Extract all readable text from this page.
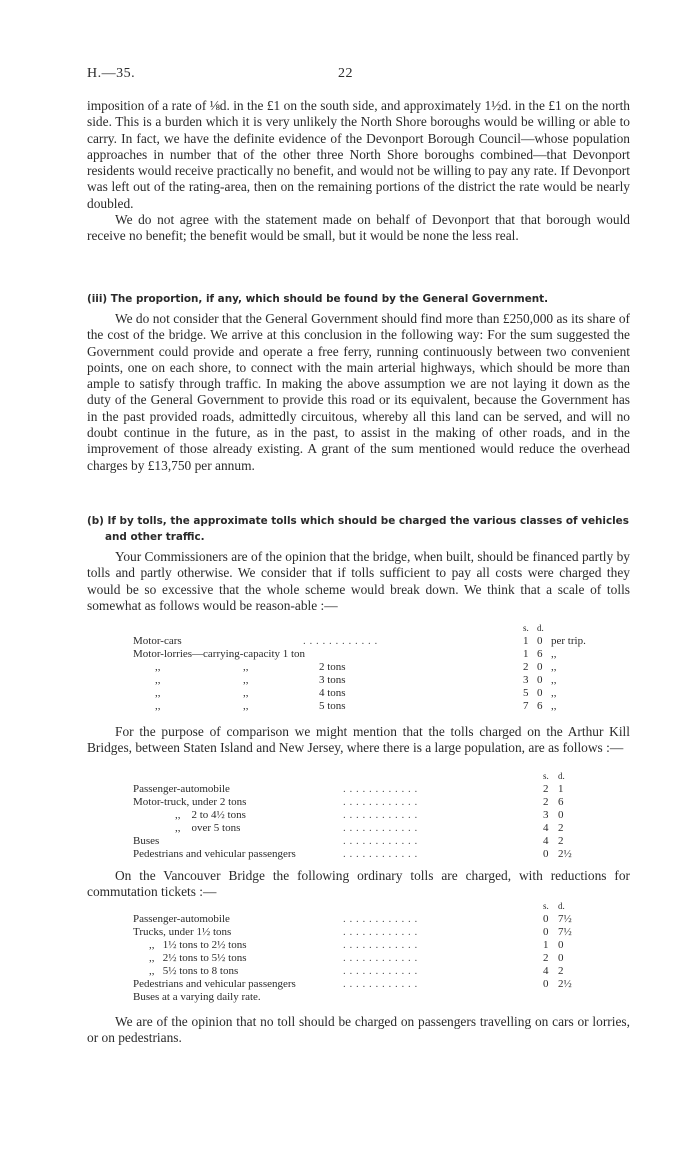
H.—35.	22

imposition of a rate of ⅛d. in the £1 on the south side, and approximately 1½d. in the £1 on the north side. This is a burden which it is very unlikely the North Shore boroughs would be willing or able to carry. In fact, we have the definite evidence of the Devonport Borough Council—whose population approaches in number that of the other three North Shore boroughs combined—that Devonport residents would receive practically no benefit, and would not be willing to pay any rate. If Devonport was left out of the rating-area, then on the remaining portions of the district the rate would be nearly doubled.

We do not agree with the statement made on behalf of Devonport that that borough would receive no benefit; the benefit would be small, but it would be none the less real.

(iii) The proportion, if any, which should be found by the General Government.

We do not consider that the General Government should find more than £250,000 as its share of the cost of the bridge. We arrive at this conclusion in the following way: For the sum suggested the Government could provide and operate a free ferry, running continuously between two convenient points, one on each shore, to connect with the main arterial highways, which should be more than ample to satisfy through traffic. In making the above assumption we are not laying it down as the duty of the General Government to provide this road or its equivalent, because the Government has in the past provided roads, admittedly circuitous, whereby all this land can be served, and will no doubt continue in the future, as in the past, to assist in the making of other roads, and in the improvement of those already existing. A grant of the sum mentioned would reduce the overhead charges by £13,750 per annum.

(b) If by tolls, the approximate tolls which should be charged the various classes of vehicles
and other traffic.

Your Commissioners are of the opinion that the bridge, when built, should be financed partly by tolls and partly otherwise. We consider that if tolls sufficient to pay all costs were charged they would be so excessive that the whole scheme would break down. We think that a scale of tolls somewhat as follows would be reason-able :—

			s.	d.	
Motor-cars		. . . . . . . . . . . .	1	0	per trip.
Motor-lorries—carrying-capacity 1 ton			1	6	,,
,,	,,	2 tons	2	0	,,
,,	,,	3 tons	3	0	,,
,,	,,	4 tons	5	0	,,
,,	,,	5 tons	7	6	,,

For the purpose of comparison we might mention that the tolls charged on the Arthur Kill Bridges, between Staten Island and New Jersey, where there is a large population, are as follows :—

		s.	d.
Passenger-automobile	. . . . . . . . . . . .	2	1
Motor-truck, under 2 tons	. . . . . . . . . . . .	2	6
,, 2 to 4½ tons	. . . . . . . . . . . .	3	0
,, over 5 tons	. . . . . . . . . . . .	4	2
Buses	. . . . . . . . . . . .	4	2
Pedestrians and vehicular passengers	. . . . . . . . . . . .	0	2½

On the Vancouver Bridge the following ordinary tolls are charged, with reductions for commutation tickets :—

		s.	d.
Passenger-automobile	. . . . . . . . . . . .	0	7½
Trucks, under 1½ tons	. . . . . . . . . . . .	0	7½
,, 1½ tons to 2½ tons	. . . . . . . . . . . .	1	0
,, 2½ tons to 5½ tons	. . . . . . . . . . . .	2	0
,, 5½ tons to 8 tons	. . . . . . . . . . . .	4	2
Pedestrians and vehicular passengers	. . . . . . . . . . . .	0	2½
Buses at a varying daily rate.			

We are of the opinion that no toll should be charged on passengers travelling on cars or lorries, or on pedestrians.
